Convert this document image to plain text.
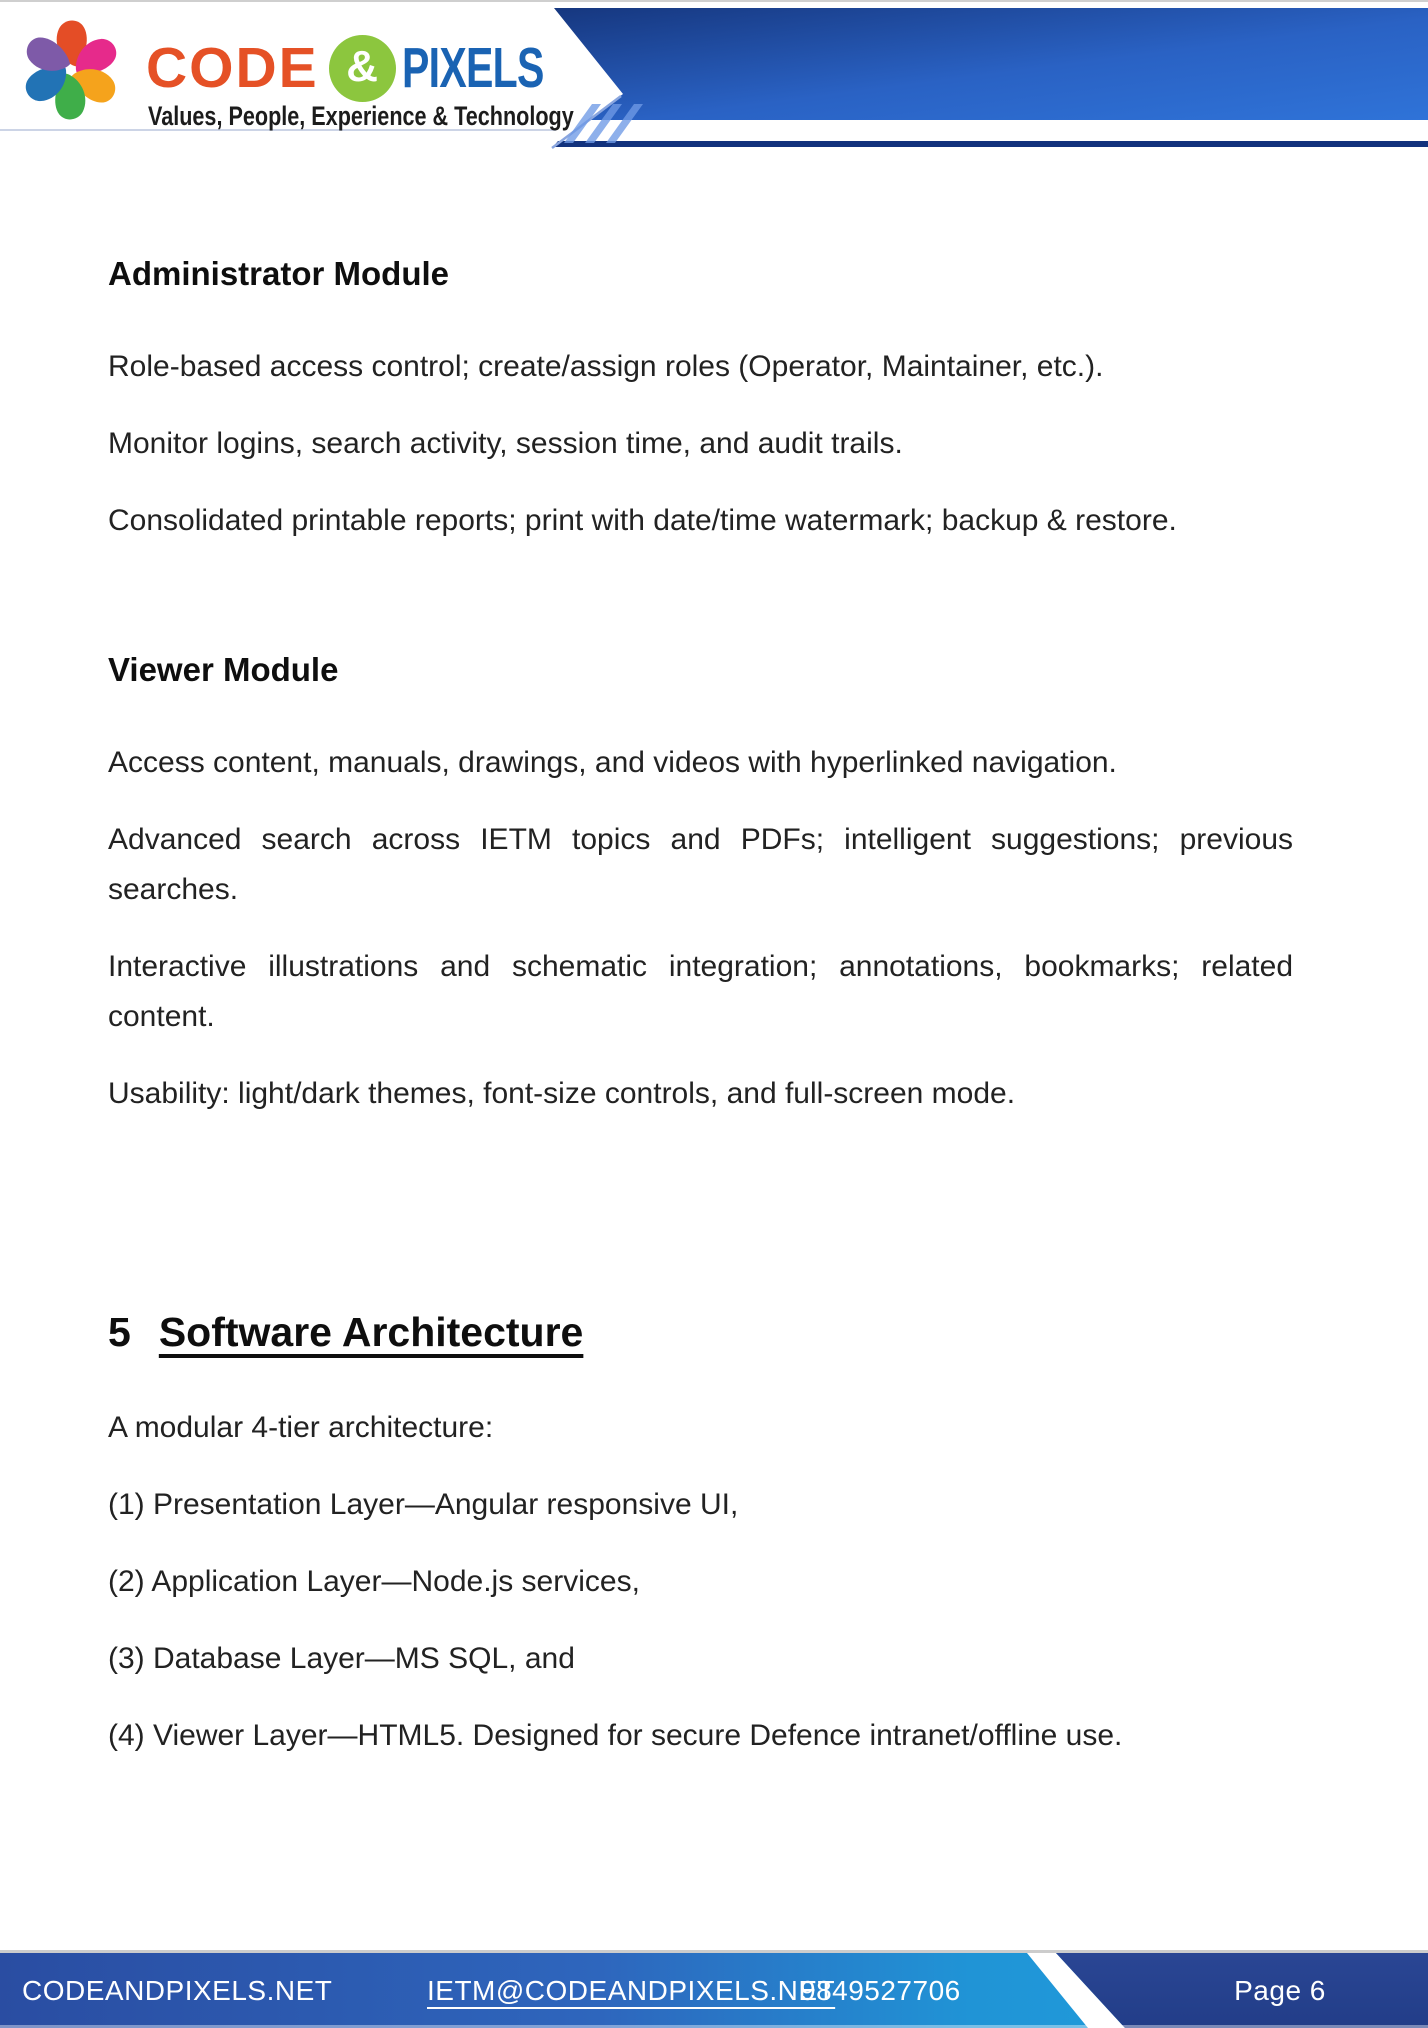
CODE & PIXELS
Values, People, Experience & Technology
Administrator Module

Role-based access control; create/assign roles (Operator, Maintainer, etc.).

Monitor logins, search activity, session time, and audit trails.

Consolidated printable reports; print with date/time watermark; backup & restore.

Viewer Module

Access content, manuals, drawings, and videos with hyperlinked navigation.

Advanced search across IETM topics and PDFs; intelligent suggestions; previous searches.

Interactive illustrations and schematic integration; annotations, bookmarks; related content.

Usability: light/dark themes, font-size controls, and full-screen mode.

5 Software Architecture

A modular 4-tier architecture:

(1) Presentation Layer—Angular responsive UI,

(2) Application Layer—Node.js services,

(3) Database Layer—MS SQL, and

(4) Viewer Layer—HTML5. Designed for secure Defence intranet/offline use.

CODEANDPIXELS.NET	IETM@CODEANDPIXELS.NET
9849527706	Page 6
